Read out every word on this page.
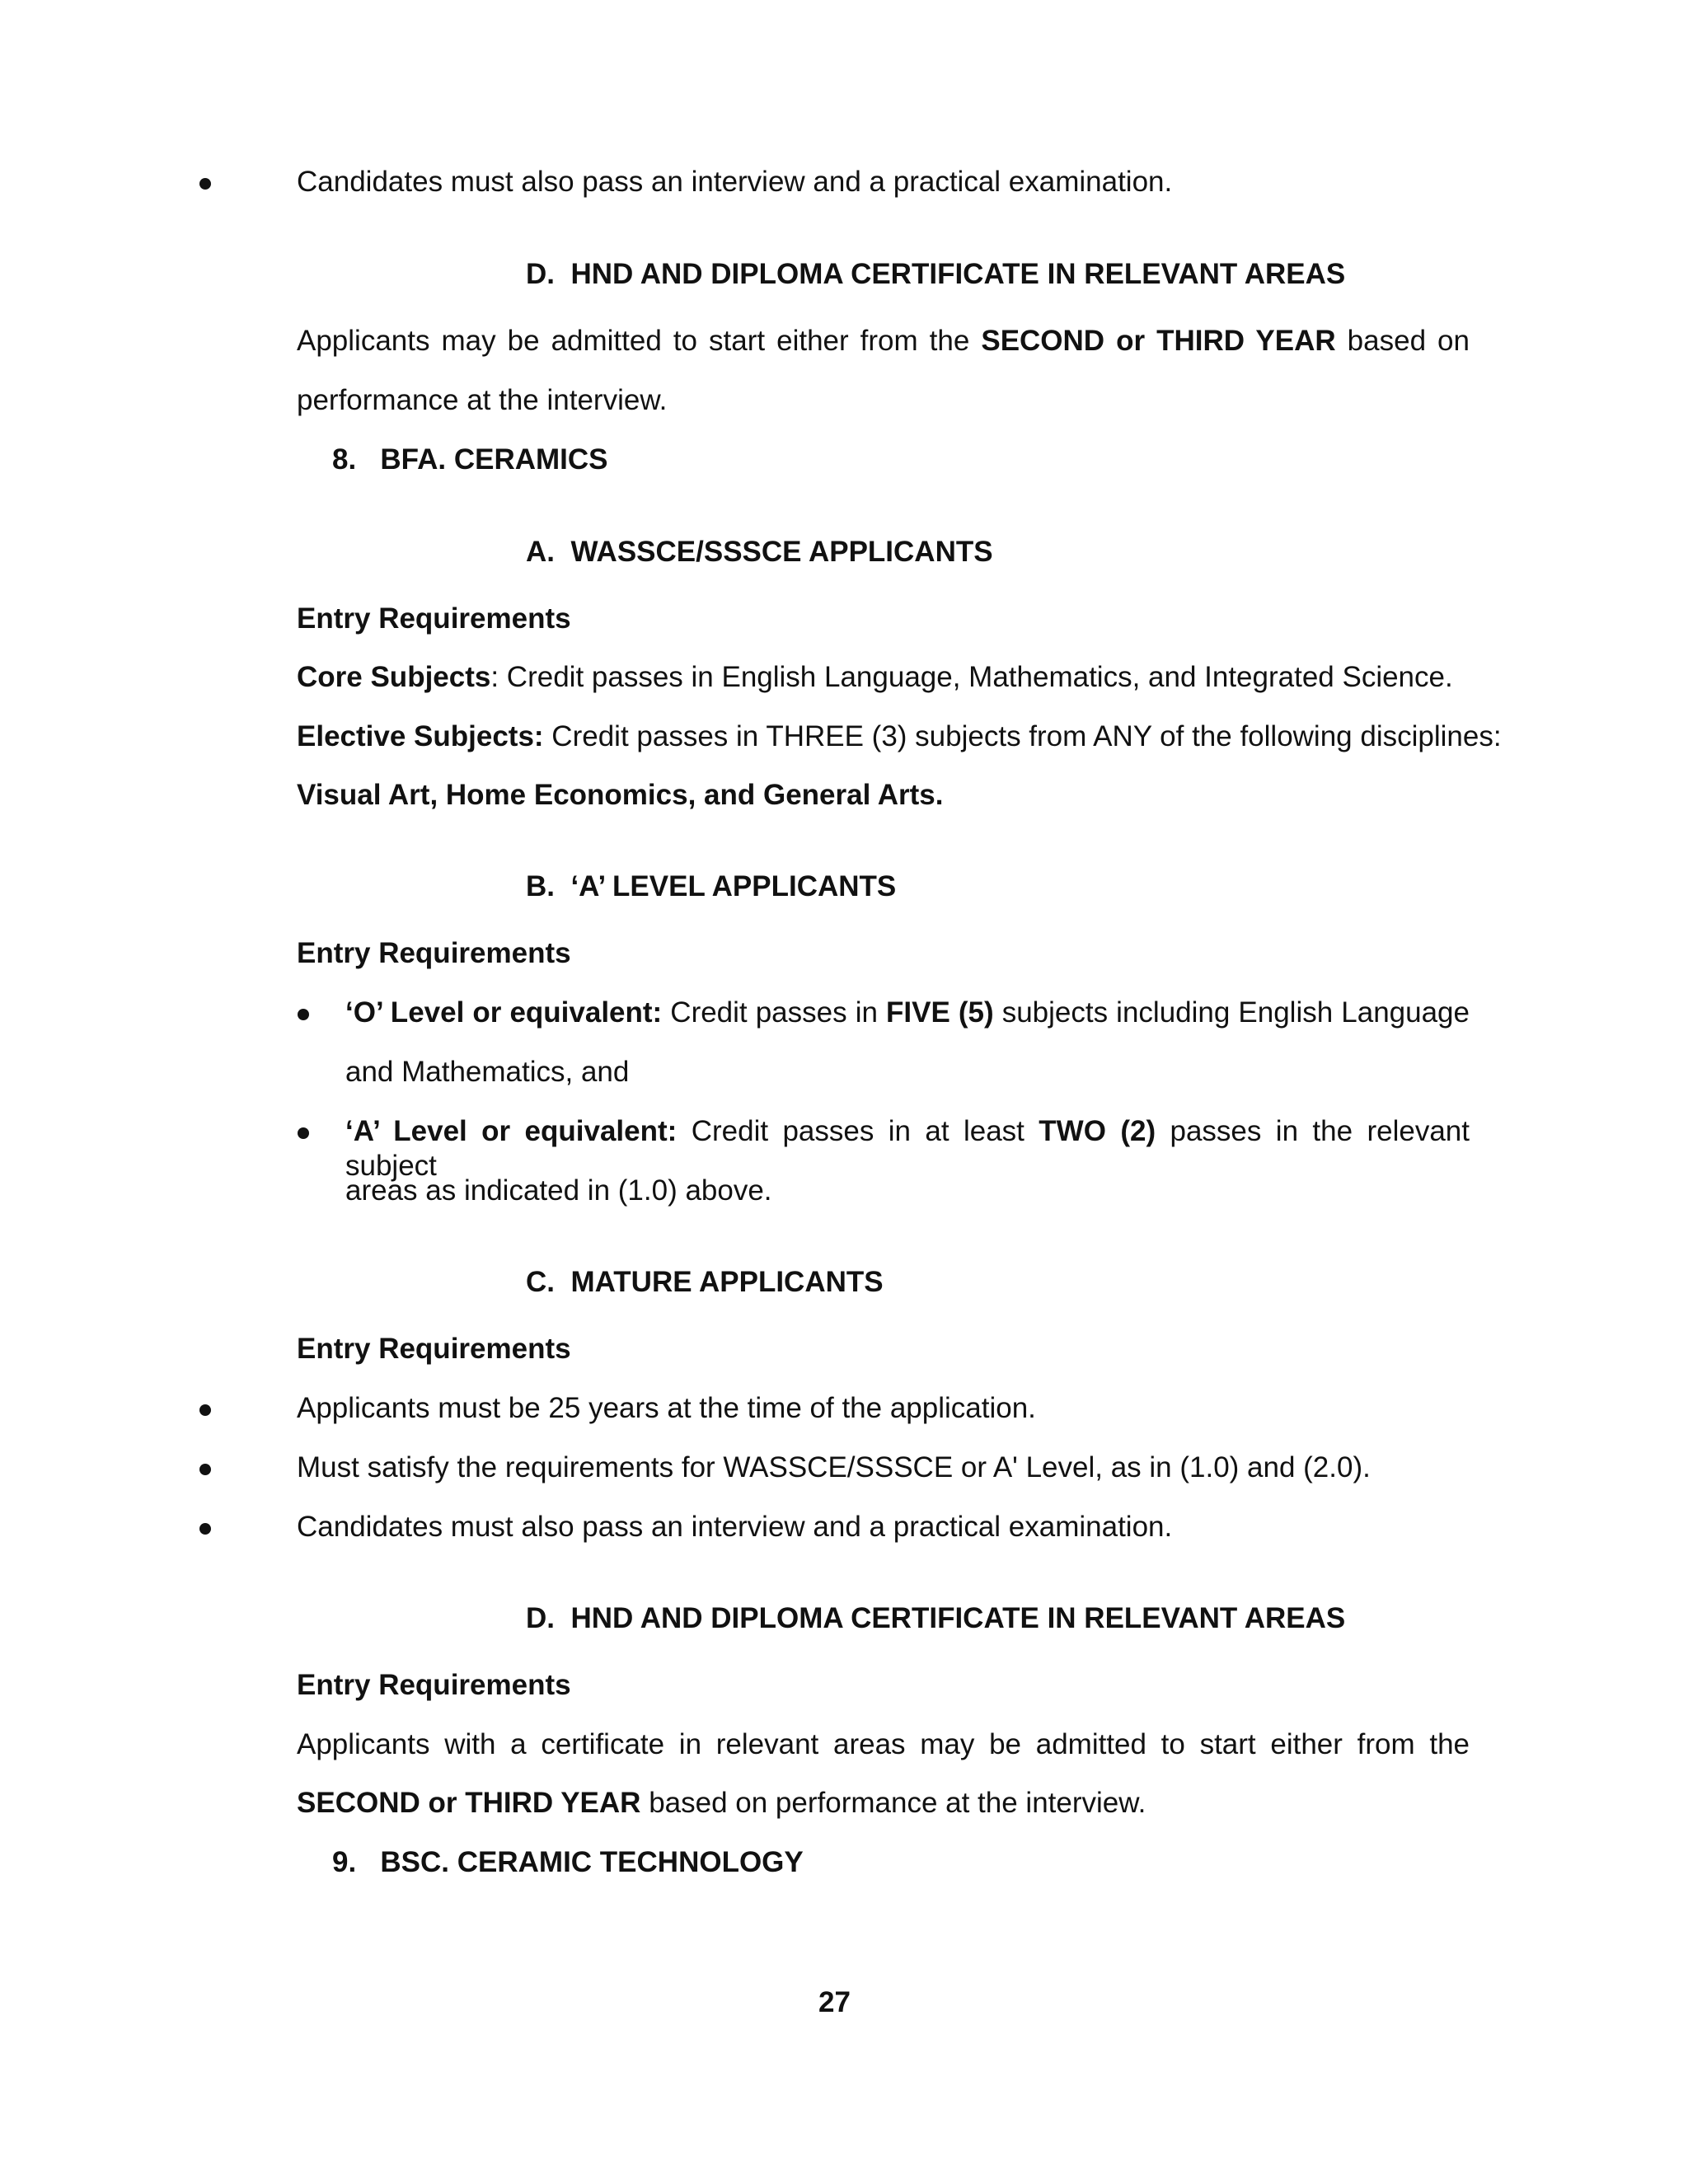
Candidates must also pass an interview and a practical examination.

D. HND AND DIPLOMA CERTIFICATE IN RELEVANT AREAS

Applicants may be admitted to start either from the SECOND or THIRD YEAR based on

performance at the interview.

8. BFA. CERAMICS

A. WASSCE/SSSCE APPLICANTS

Entry Requirements

Core Subjects: Credit passes in English Language, Mathematics, and Integrated Science.

Elective Subjects: Credit passes in THREE (3) subjects from ANY of the following disciplines:

Visual Art, Home Economics, and General Arts.

B. ‘A’ LEVEL APPLICANTS

Entry Requirements

‘O’ Level or equivalent: Credit passes in FIVE (5) subjects including English Language

and Mathematics, and

‘A’ Level or equivalent: Credit passes in at least TWO (2) passes in the relevant subject

areas as indicated in (1.0) above.

C. MATURE APPLICANTS

Entry Requirements

Applicants must be 25 years at the time of the application.

Must satisfy the requirements for WASSCE/SSSCE or A' Level, as in (1.0) and (2.0).

Candidates must also pass an interview and a practical examination.

D. HND AND DIPLOMA CERTIFICATE IN RELEVANT AREAS

Entry Requirements

Applicants with a certificate in relevant areas may be admitted to start either from the

SECOND or THIRD YEAR based on performance at the interview.

9. BSC. CERAMIC TECHNOLOGY

27
